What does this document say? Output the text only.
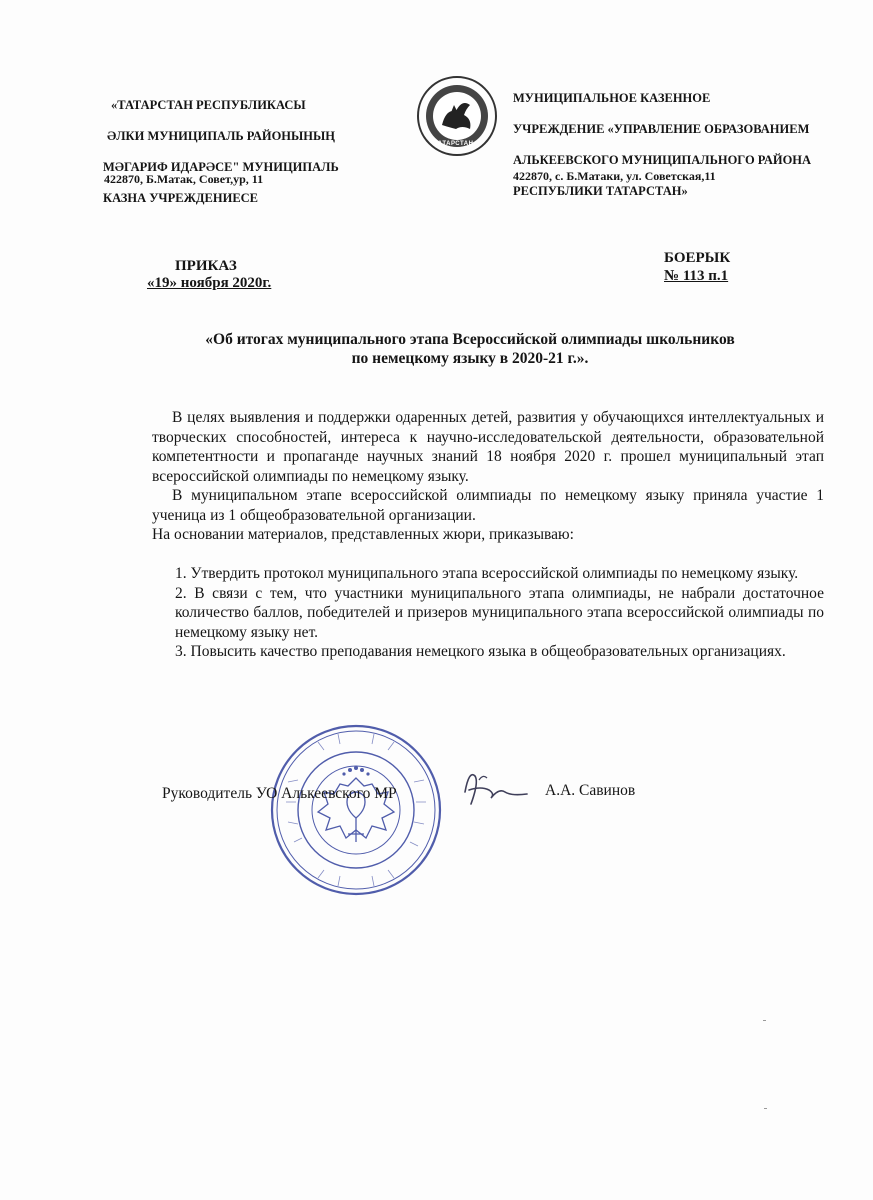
«ТАТАРСТАН РЕСПУБЛИКАСЫ

ӘЛКИ МУНИЦИПАЛЬ РАЙОНЫНЫҢ

МӘГАРИФ ИДАРӘСЕ" МУНИЦИПАЛЬ

КАЗНА УЧРЕЖДЕНИЕСЕ

422870, Б.Матак, Совет,ур, 11
ТАТАРСТАН

МУНИЦИПАЛЬНОЕ КАЗЕННОЕ

УЧРЕЖДЕНИЕ «УПРАВЛЕНИЕ ОБРАЗОВАНИЕМ

АЛЬКЕЕВСКОГО МУНИЦИПАЛЬНОГО РАЙОНА

РЕСПУБЛИКИ ТАТАРСТАН»

422870, с. Б.Матаки, ул. Советская,11
ПРИКАЗ
«19» ноября 2020г.
БОЕРЫК
№ 113 п.1
«Об итогах муниципального этапа Всероссийской олимпиады школьников
по немецкому языку в 2020-21 г.».

В целях выявления и поддержки одаренных детей, развития у обучающихся интеллектуальных и творческих способностей, интереса к научно-исследовательской деятельности, образовательной компетентности и пропаганде научных знаний 18 ноября 2020 г. прошел муниципальный этап всероссийской олимпиады по немецкому языку.

В муниципальном этапе всероссийской олимпиады по немецкому языку приняла участие 1 ученица из 1 общеобразовательной организации.

На основании материалов, представленных жюри, приказываю:

1. Утвердить протокол муниципального этапа всероссийской олимпиады по немецкому языку.

2. В связи с тем, что участники муниципального этапа олимпиады, не набрали достаточное количество баллов, победителей и призеров муниципального этапа всероссийской олимпиады по немецкому языку нет.

3. Повысить качество преподавания немецкого языка в общеобразовательных организациях.

Руководитель УО Алькеевского МР	А.А. Савинов
